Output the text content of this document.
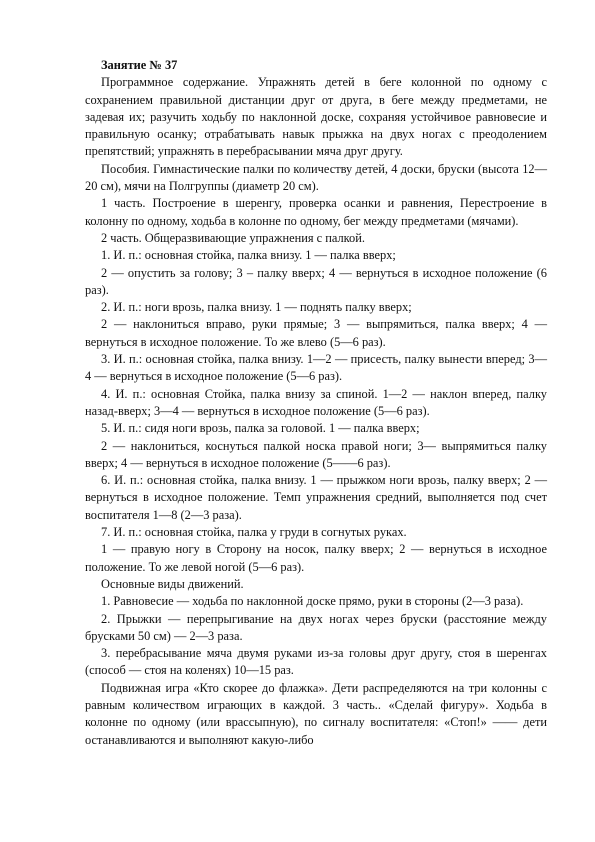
Занятие № 37

Программное содержание. Упражнять детей в беге колонной по одному с сохранением правильной дистанции друг от друга, в беге между предметами, не задевая их; разучить ходьбу по наклонной доске, сохраняя устойчивое равновесие и правильную осанку; отрабатывать навык прыжка на двух ногах с преодолением препятствий; упражнять в перебрасывании мяча друг другу.

Пособия. Гимнастические палки по количеству детей, 4 доски, бруски (высота 12—20 см), мячи на Полгруппы (диаметр 20 см).

1 часть. Построение в шеренгу, проверка осанки и равнения, Перестроение в колонну по одному, ходьба в колонне по одному, бег между предметами (мячами).

2 часть. Общеразвивающие упражнения с палкой.

1. И. п.: основная стойка, палка внизу. 1 — палка вверх;

2 — опустить за голову; 3 – палку вверх; 4 — вернуться в исходное положение (6 раз).

2. И. п.: ноги врозь, палка внизу. 1 — поднять палку вверх;

2 — наклониться вправо, руки прямые; 3 — выпрямиться, палка вверх; 4 — вернуться в исходное положение. То же влево (5—6 раз).

3. И. п.: основная стойка, палка внизу. 1—2 — присесть, палку вынести вперед; 3—4 — вернуться в исходное положение (5—6 раз).

4. И. п.: основная Стойка, палка внизу за спиной. 1—2 — наклон вперед, палку назад-вверх; 3—4 — вернуться в исходное положение (5—6 раз).

5. И. п.: сидя ноги врозь, палка за головой. 1 — палка вверх;

2 — наклониться, коснуться палкой носка правой ноги; 3— выпрямиться палку вверх; 4 — вернуться в исходное положение (5——6 раз).

6. И. п.: основная стойка, палка внизу. 1 — прыжком ноги врозь, палку вверх; 2 — вернуться в исходное положение. Темп упражнения средний, выполняется под счет воспитателя 1—8 (2—3 раза).

7. И. п.: основная стойка, палка у груди в согнутых руках.

1 — правую ногу в Сторону на носок, палку вверх; 2 — вернуться в исходное положение. То же левой ногой (5—6 раз).

Основные виды движений.

1. Равновесие — ходьба по наклонной доске прямо, руки в стороны (2—3 раза).

2. Прыжки — перепрыгивание на двух ногах через бруски (расстояние между брусками 50 см) — 2—3 раза.

3. перебрасывание мяча двумя руками из-за головы друг другу, стоя в шеренгах (способ — стоя на коленях) 10—15 раз.

Подвижная игра «Кто скорее до флажка». Дети распределяются на три колонны с равным количеством играющих в каждой. 3 часть.. «Сделай фигуру». Ходьба в колонне по одному (или врассыпную), по сигналу воспитателя: «Стоп!» —— дети останавливаются и выполняют какую-либо
